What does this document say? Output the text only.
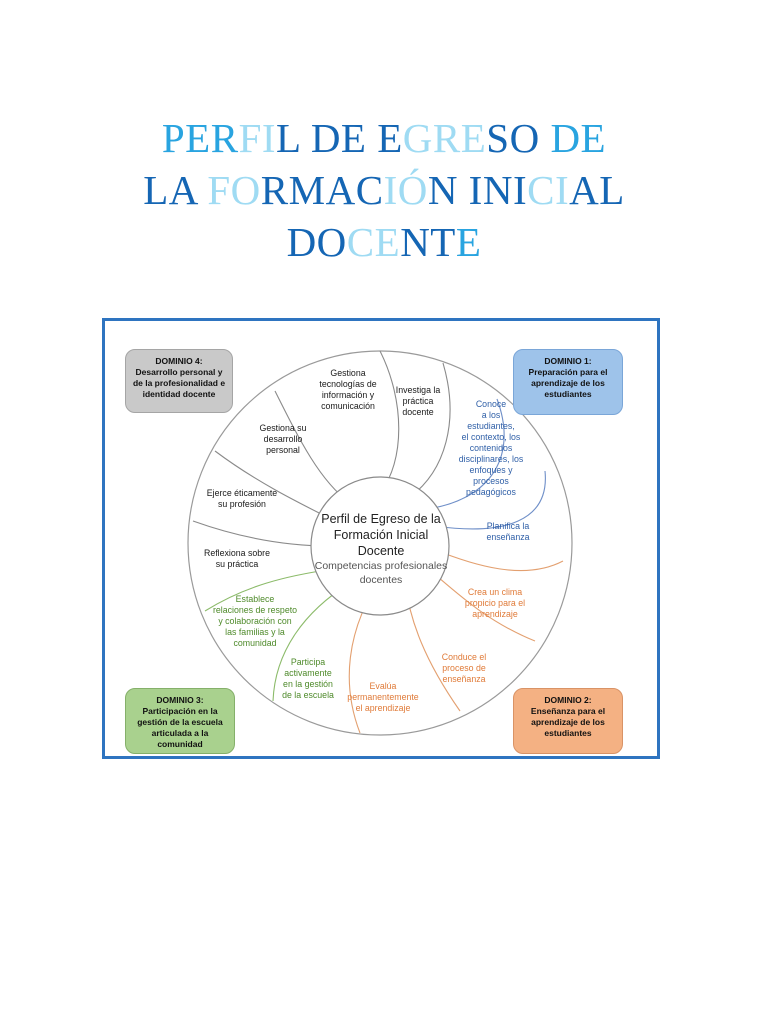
PERFIL DE EGRESO DE
LA FORMACIÓN INICIAL
DOCENTE
Perfil de Egreso de la
Formación Inicial Docente
Competencias profesionales
docentes
DOMINIO 4:
Desarrollo personal y de la profesionalidad e identidad docente
DOMINIO 1:
Preparación para el aprendizaje de los estudiantes
DOMINIO 3:
Participación en la gestión de la escuela articulada a la comunidad
DOMINIO 2:
Enseñanza para el aprendizaje de los estudiantes
Conoce
a los
estudiantes,
el contexto, los
contenidos
disciplinares, los
enfoques y
procesos
pedagógicos
Planifica la
enseñanza
Crea un clima
propicio para el
aprendizaje
Conduce el
proceso de
enseñanza
Evalúa
permanentemente
el aprendizaje
Participa
activamente
en la gestión
de la escuela
Establece
relaciones de respeto
y colaboración con
las familias y la
comunidad
Reflexiona sobre
su práctica
Ejerce éticamente
su profesión
Gestiona su
desarrollo
personal
Gestiona
tecnologías de
información y
comunicación
Investiga la
práctica
docente
